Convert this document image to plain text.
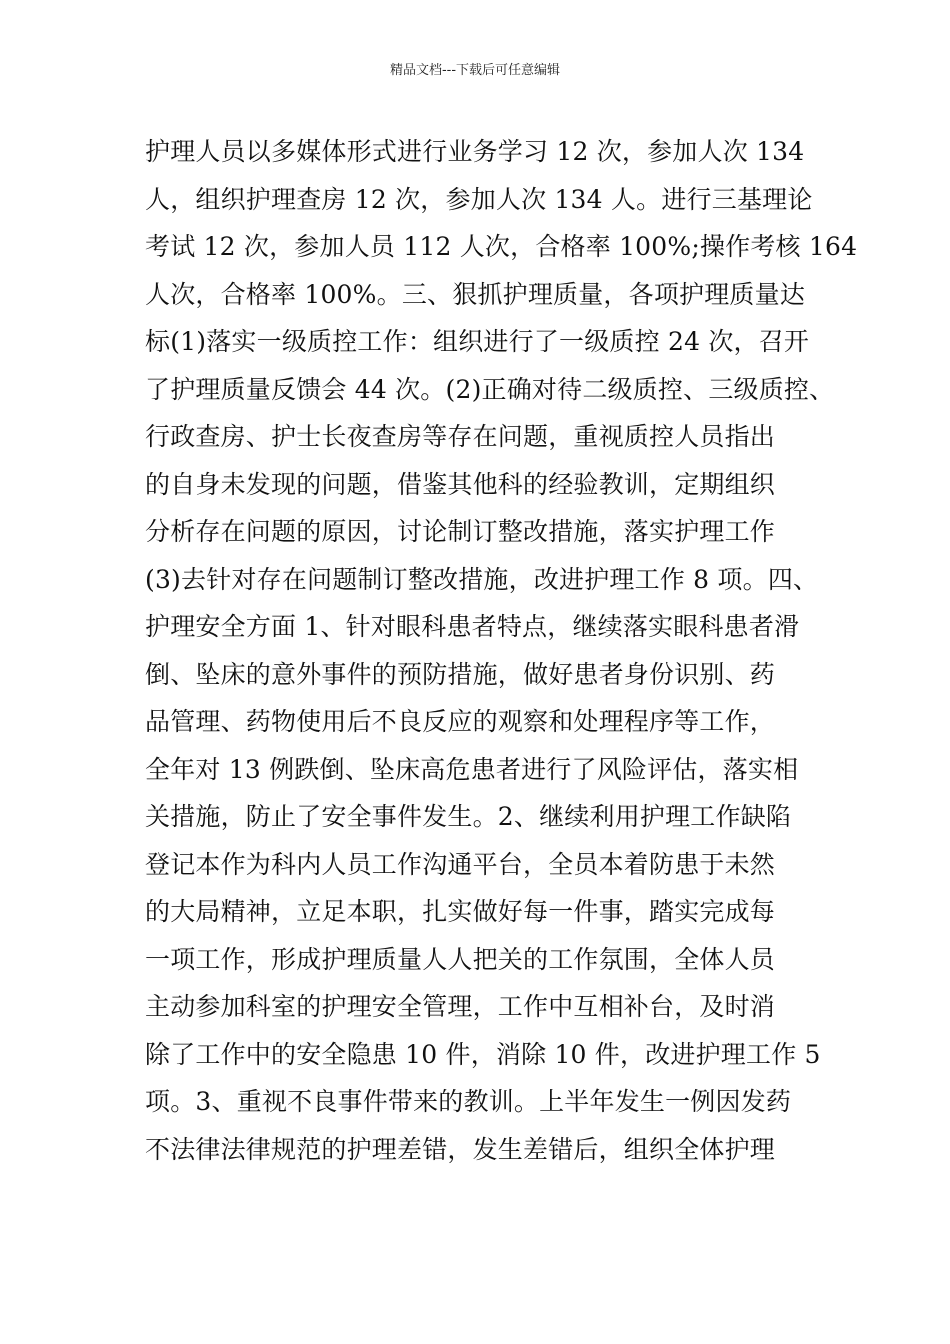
精品文档---下载后可任意编辑
护理人员以多媒体形式进行业务学习 12 次，参加人次 134
人，组织护理查房 12 次，参加人次 134 人。进行三基理论
考试 12 次，参加人员 112 人次，合格率 100%;操作考核 164
人次，合格率 100%。三、狠抓护理质量，各项护理质量达
标(1)落实一级质控工作：组织进行了一级质控 24 次，召开
了护理质量反馈会 44 次。(2)正确对待二级质控、三级质控、
行政查房、护士长夜查房等存在问题，重视质控人员指出
的自身未发现的问题，借鉴其他科的经验教训，定期组织
分析存在问题的原因，讨论制订整改措施，落实护理工作
(3)去针对存在问题制订整改措施，改进护理工作 8 项。四、
护理安全方面 1、针对眼科患者特点，继续落实眼科患者滑
倒、坠床的意外事件的预防措施，做好患者身份识别、药
品管理、药物使用后不良反应的观察和处理程序等工作，
全年对 13 例跌倒、坠床高危患者进行了风险评估，落实相
关措施，防止了安全事件发生。2、继续利用护理工作缺陷
登记本作为科内人员工作沟通平台，全员本着防患于未然
的大局精神，立足本职，扎实做好每一件事，踏实完成每
一项工作，形成护理质量人人把关的工作氛围，全体人员
主动参加科室的护理安全管理，工作中互相补台，及时消
除了工作中的安全隐患 10 件，消除 10 件，改进护理工作 5
项。3、重视不良事件带来的教训。上半年发生一例因发药
不法律法律规范的护理差错，发生差错后，组织全体护理
